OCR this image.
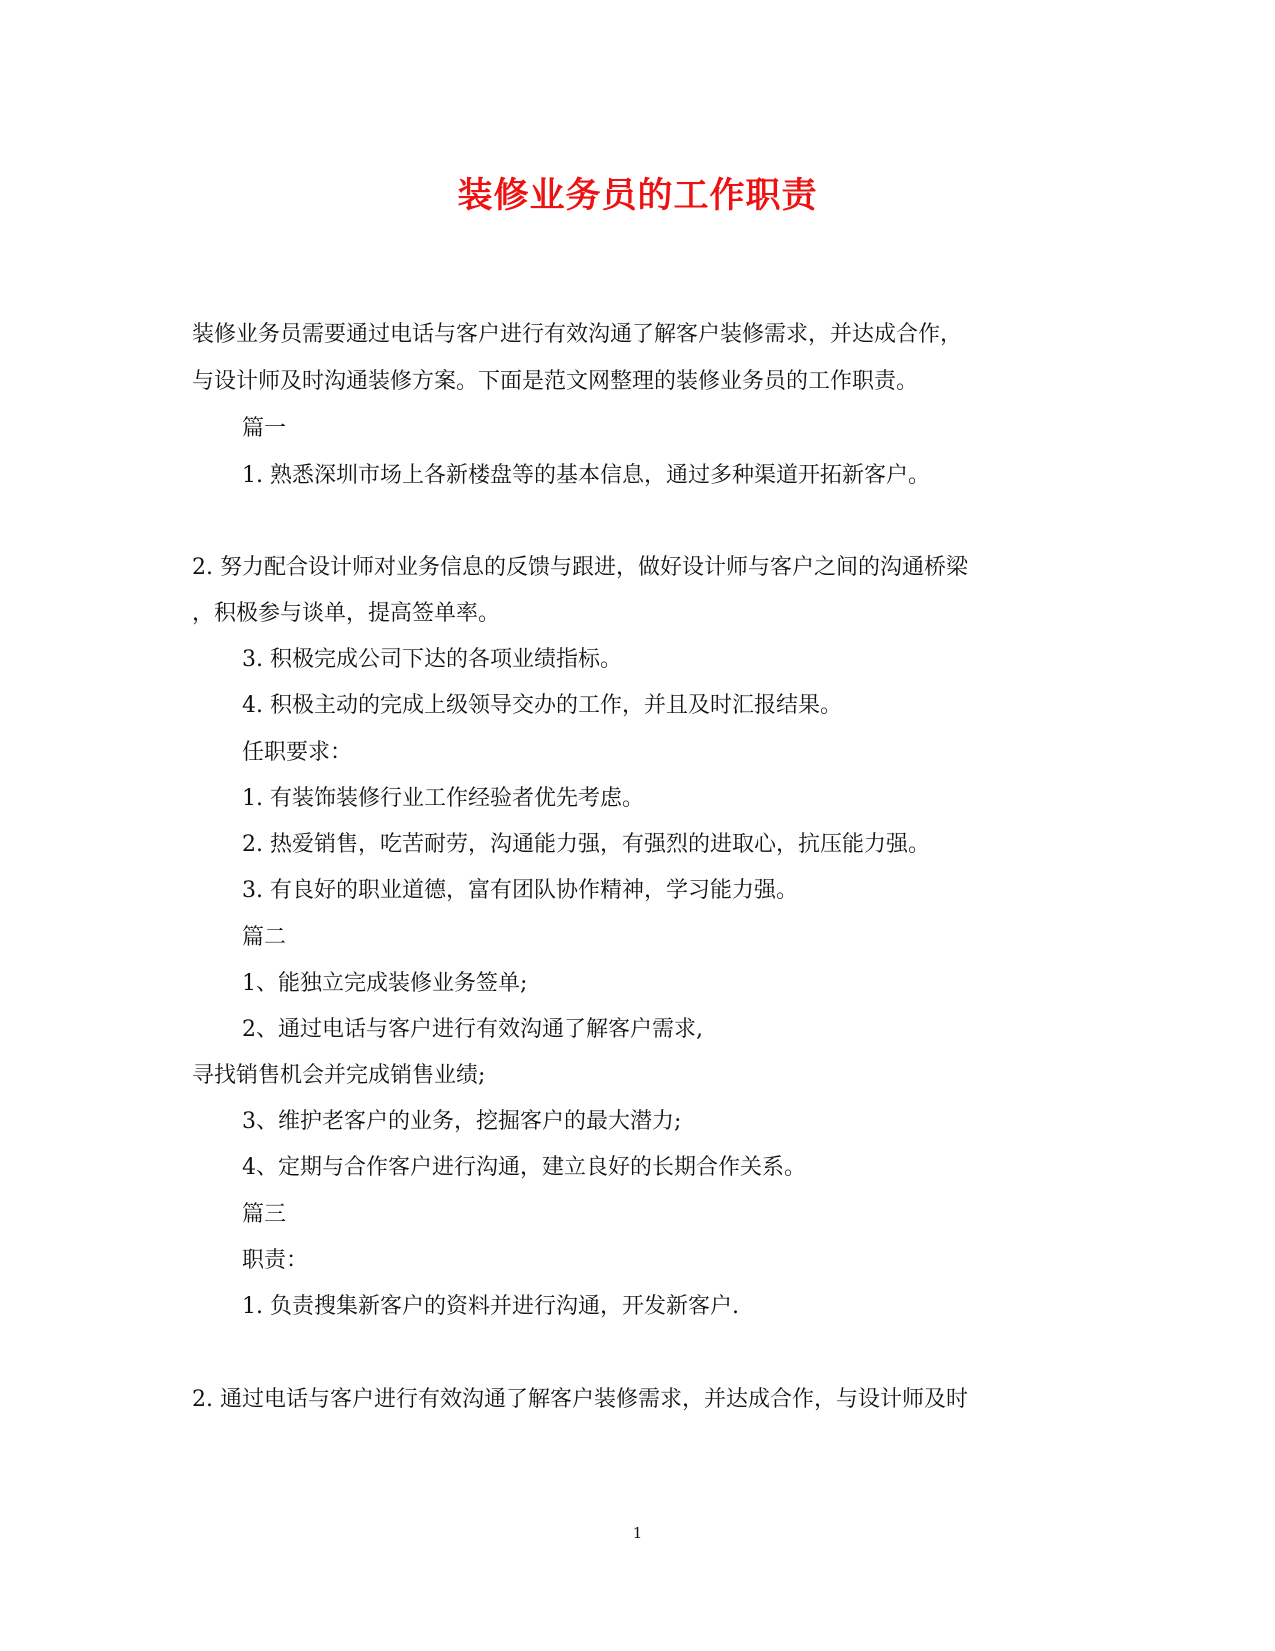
装修业务员的工作职责
装修业务员需要通过电话与客户进行有效沟通了解客户装修需求，并达成合作，
与设计师及时沟通装修方案。下面是范文网整理的装修业务员的工作职责。
篇一
1. 熟悉深圳市场上各新楼盘等的基本信息，通过多种渠道开拓新客户。
2. 努力配合设计师对业务信息的反馈与跟进，做好设计师与客户之间的沟通桥梁
，积极参与谈单，提高签单率。
3. 积极完成公司下达的各项业绩指标。
4. 积极主动的完成上级领导交办的工作，并且及时汇报结果。
任职要求：
1. 有装饰装修行业工作经验者优先考虑。
2. 热爱销售，吃苦耐劳，沟通能力强，有强烈的进取心，抗压能力强。
3. 有良好的职业道德，富有团队协作精神，学习能力强。
篇二
1、能独立完成装修业务签单;
2、通过电话与客户进行有效沟通了解客户需求,
寻找销售机会并完成销售业绩;
3、维护老客户的业务，挖掘客户的最大潜力;
4、定期与合作客户进行沟通，建立良好的长期合作关系。
篇三
职责：
1. 负责搜集新客户的资料并进行沟通，开发新客户.
2. 通过电话与客户进行有效沟通了解客户装修需求，并达成合作，与设计师及时
1
